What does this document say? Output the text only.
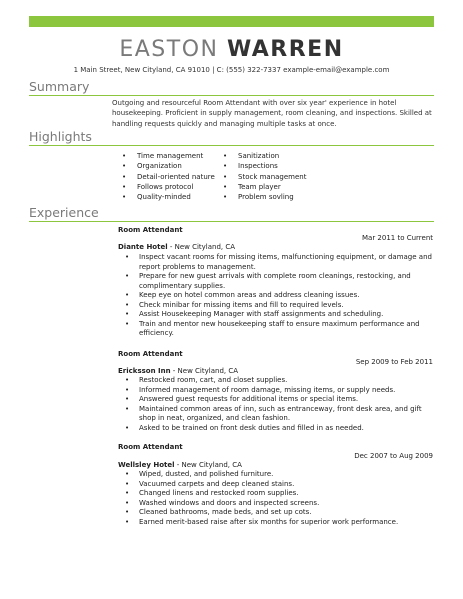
EASTON WARREN
1 Main Street, New Cityland, CA 91010 | C: (555) 322-7337 example-email@example.com
Summary
Outgoing and resourceful Room Attendant with over six year' experience in hotel housekeeping. Proficient in supply management, room cleaning, and inspections. Skilled at handling requests quickly and managing multiple tasks at once.
Highlights
• Time management
• Organization
• Detail-oriented nature
• Follows protocol
• Quality-minded
• Sanitization
• Inspections
• Stock management
• Team player
• Problem sovling
Experience
Room Attendant
Mar 2011 to Current
Diante Hotel - New Cityland, CA
• Inspect vacant rooms for missing items, malfunctioning equipment, or damage and report problems to management.
• Prepare for new guest arrivals with complete room cleanings, restocking, and complimentary supplies.
• Keep eye on hotel common areas and address cleaning issues.
• Check minibar for missing items and fill to required levels.
• Assist Housekeeping Manager with staff assignments and scheduling.
• Train and mentor new housekeeping staff to ensure maximum performance and efficiency.
Room Attendant
Sep 2009 to Feb 2011
Ericksson Inn - New Cityland, CA
• Restocked room, cart, and closet supplies.
• Informed management of room damage, missing items, or supply needs.
• Answered guest requests for additional items or special items.
• Maintained common areas of inn, such as entranceway, front desk area, and gift shop in neat, organized, and clean fashion.
• Asked to be trained on front desk duties and filled in as needed.
Room Attendant
Dec 2007 to Aug 2009
Wellsley Hotel - New Cityland, CA
• Wiped, dusted, and polished furniture.
• Vacuumed carpets and deep cleaned stains.
• Changed linens and restocked room supplies.
• Washed windows and doors and inspected screens.
• Cleaned bathrooms, made beds, and set up cots.
• Earned merit-based raise after six months for superior work performance.
